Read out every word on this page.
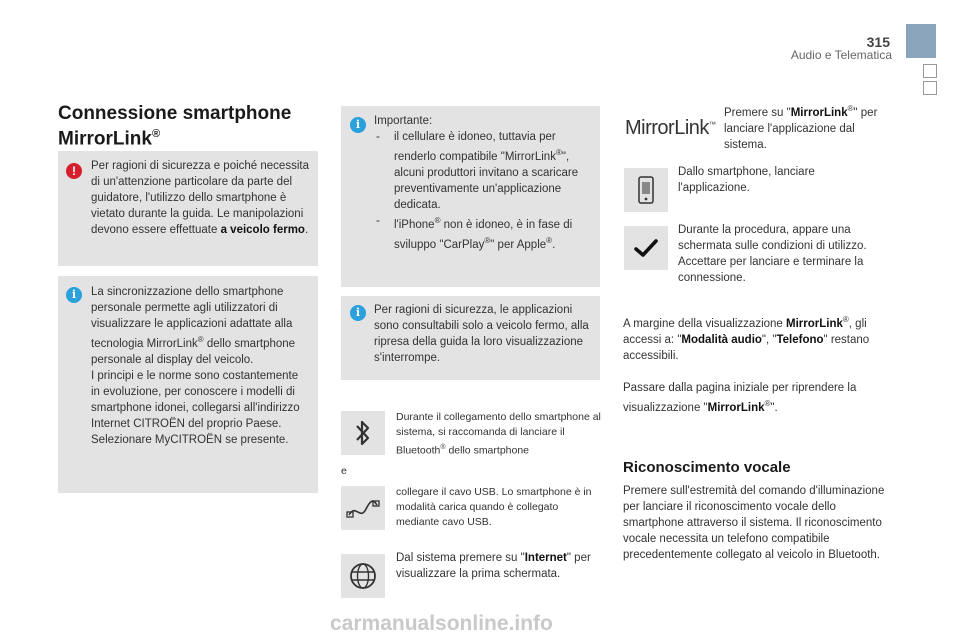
315
Audio e Telematica
Connessione smartphone
MirrorLink®
!	Per ragioni di sicurezza e poiché necessita di un'attenzione particolare da parte del guidatore, l'utilizzo dello smartphone è vietato durante la guida. Le manipolazioni devono essere effettuate a veicolo fermo.
i	La sincronizzazione dello smartphone personale permette agli utilizzatori di visualizzare le applicazioni adattate alla tecnologia MirrorLink® dello smartphone personale al display del veicolo.
I principi e le norme sono costantemente in evoluzione, per conoscere i modelli di smartphone idonei, collegarsi all'indirizzo Internet CITROËN del proprio Paese.
Selezionare MyCITROËN se presente.
i	Importante:
- il cellulare è idoneo, tuttavia per renderlo compatibile "MirrorLink®", alcuni produttori invitano a scaricare preventivamente un'applicazione dedicata.
- l'iPhone® non è idoneo, è in fase di sviluppo "CarPlay®" per Apple®.
i	Per ragioni di sicurezza, le applicazioni sono consultabili solo a veicolo fermo, alla ripresa della guida la loro visualizzazione s'interrompe.
Durante il collegamento dello smartphone al sistema, si raccomanda di lanciare il Bluetooth® dello smartphone
e
collegare il cavo USB. Lo smartphone è in modalità carica quando è collegato mediante cavo USB.
Dal sistema premere su "Internet" per visualizzare la prima schermata.
MirrorLink™
Premere su "MirrorLink®" per lanciare l'applicazione dal sistema.
Dallo smartphone, lanciare l'applicazione.
Durante la procedura, appare una schermata sulle condizioni di utilizzo. Accettare per lanciare e terminare la connessione.
A margine della visualizzazione MirrorLink®, gli accessi a: "Modalità audio", "Telefono" restano accessibili.
Passare dalla pagina iniziale per riprendere la visualizzazione "MirrorLink®".
Riconoscimento vocale
Premere sull'estremità del comando d'illuminazione per lanciare il riconoscimento vocale dello smartphone attraverso il sistema. Il riconoscimento vocale necessita un telefono compatibile precedentemente collegato al veicolo in Bluetooth.
carmanualsonline.info
